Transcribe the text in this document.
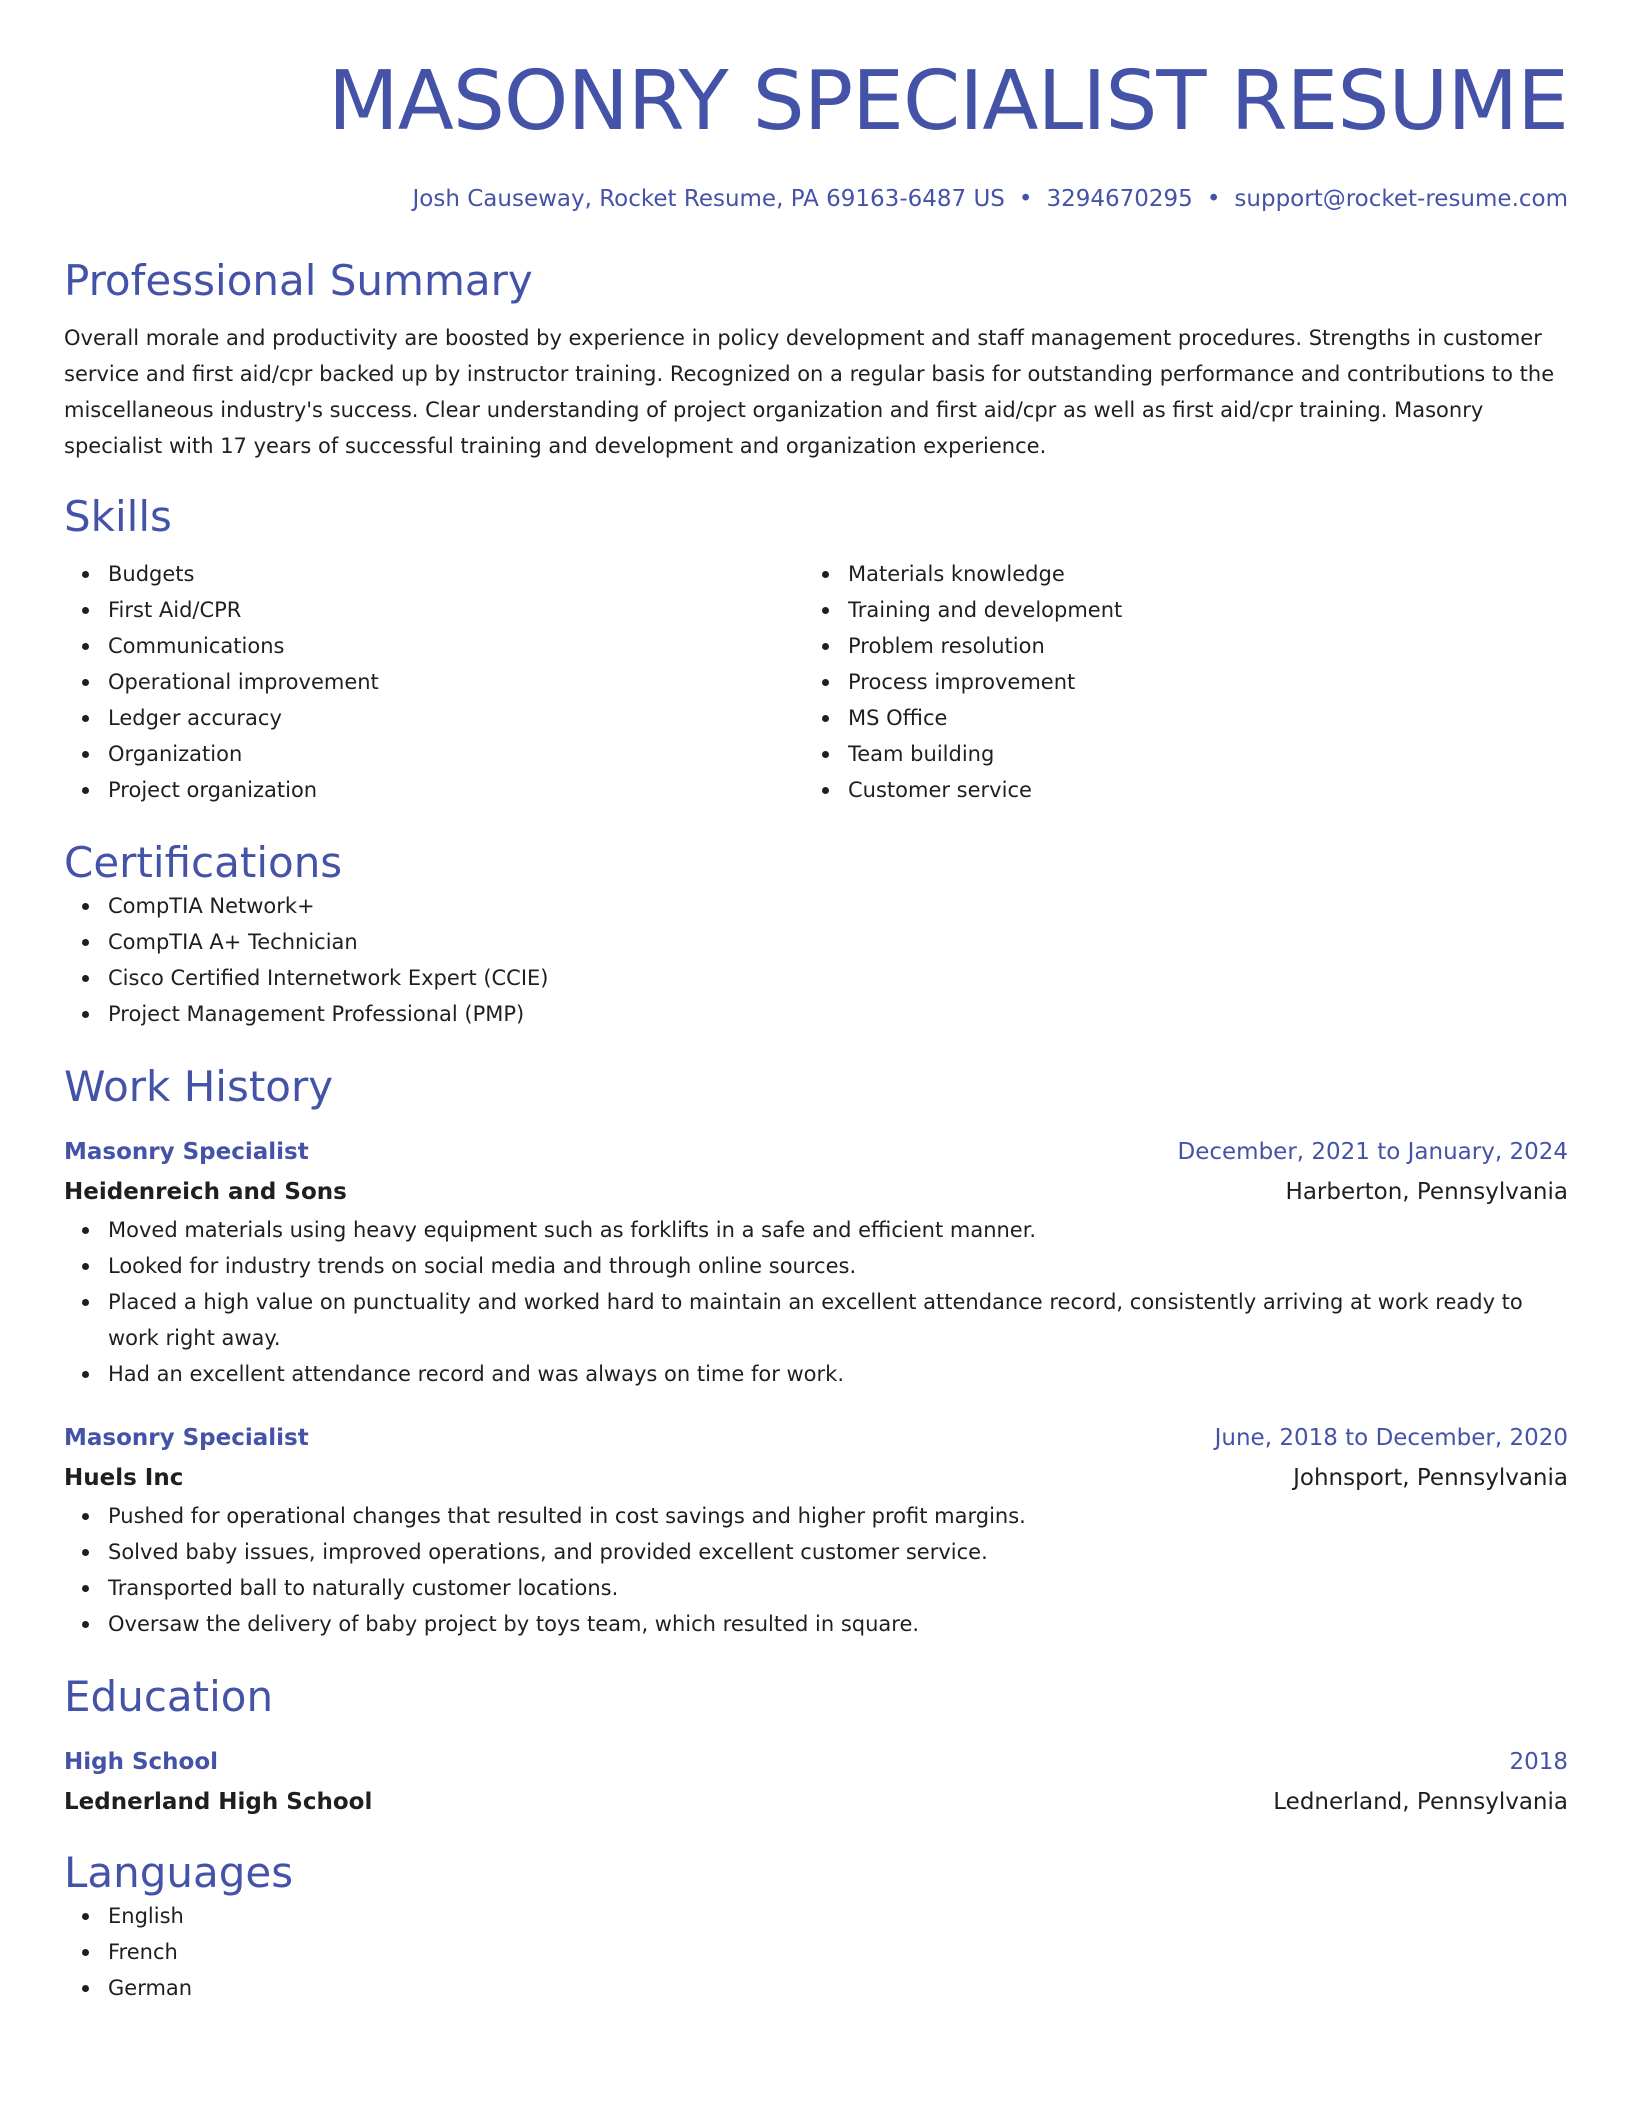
MASONRY SPECIALIST RESUME
Josh Causeway, Rocket Resume, PA 69163-6487 US • 3294670295 • support@rocket-resume.com
Professional Summary
Overall morale and productivity are boosted by experience in policy development and staff management procedures. Strengths in customer service and first aid/cpr backed up by instructor training. Recognized on a regular basis for outstanding performance and contributions to the miscellaneous industry's success. Clear understanding of project organization and first aid/cpr as well as first aid/cpr training. Masonry specialist with 17 years of successful training and development and organization experience.
Skills
Budgets
First Aid/CPR
Communications
Operational improvement
Ledger accuracy
Organization
Project organization
Materials knowledge
Training and development
Problem resolution
Process improvement
MS Office
Team building
Customer service
Certifications
CompTIA Network+
CompTIA A+ Technician
Cisco Certified Internetwork Expert (CCIE)
Project Management Professional (PMP)
Work History
Masonry Specialist	December, 2021 to January, 2024
Heidenreich and Sons	Harberton, Pennsylvania
Moved materials using heavy equipment such as forklifts in a safe and efficient manner.
Looked for industry trends on social media and through online sources.
Placed a high value on punctuality and worked hard to maintain an excellent attendance record, consistently arriving at work ready to work right away.
Had an excellent attendance record and was always on time for work.
Masonry Specialist	June, 2018 to December, 2020
Huels Inc	Johnsport, Pennsylvania
Pushed for operational changes that resulted in cost savings and higher profit margins.
Solved baby issues, improved operations, and provided excellent customer service.
Transported ball to naturally customer locations.
Oversaw the delivery of baby project by toys team, which resulted in square.
Education
High School	2018
Lednerland High School	Lednerland, Pennsylvania
Languages
English
French
German
